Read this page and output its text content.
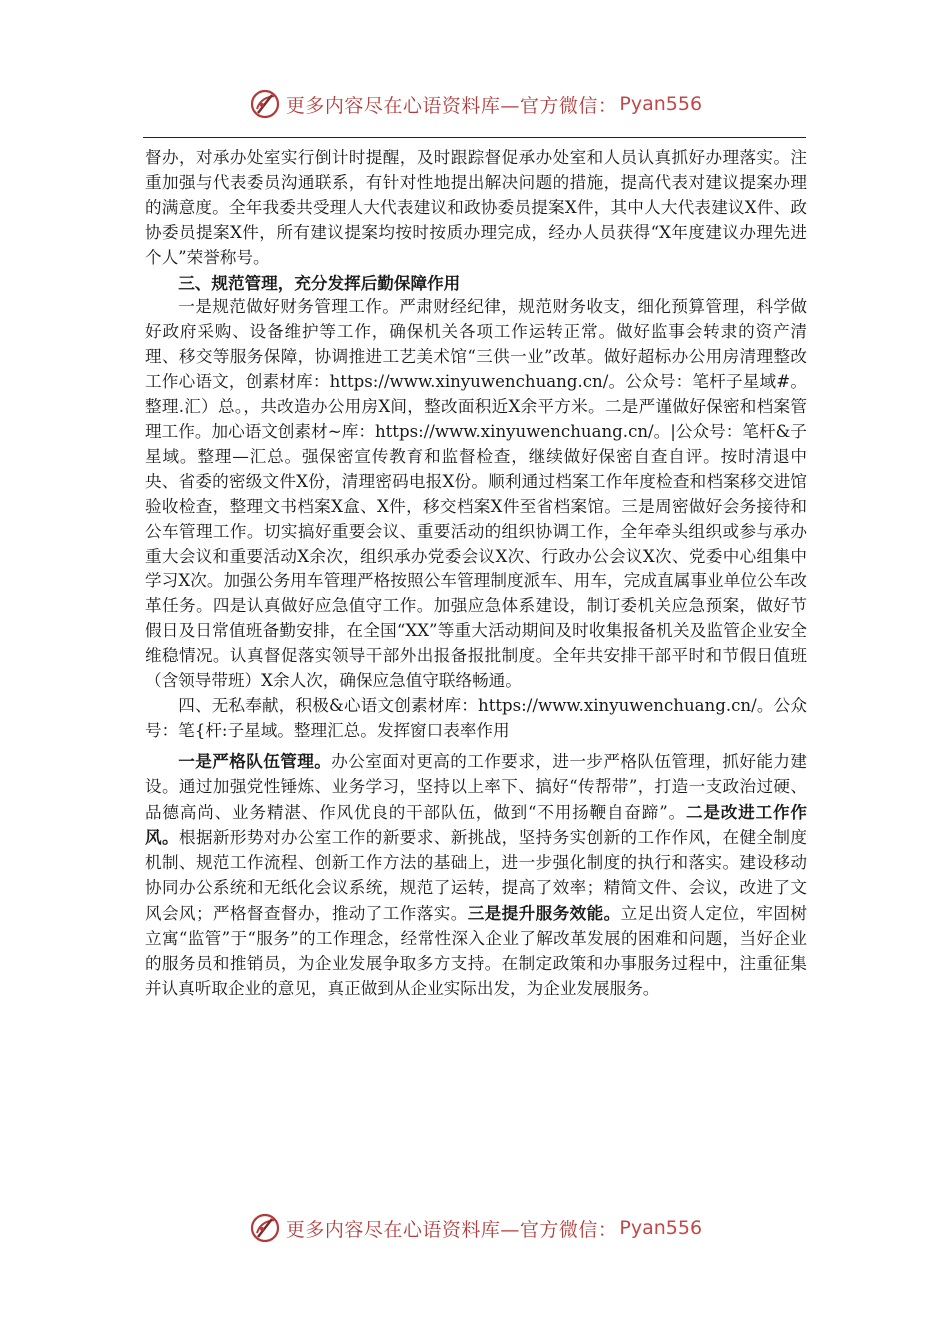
更多内容尽在心语资料库—官方微信： Pyan556

督办，对承办处室实行倒计时提醒，及时跟踪督促承办处室和人员认真抓好办理落实。注重加强与代表委员沟通联系，有针对性地提出解决问题的措施，提高代表对建议提案办理的满意度。全年我委共受理人大代表建议和政协委员提案X件，其中人大代表建议X件、政协委员提案X件，所有建议提案均按时按质办理完成，经办人员获得“X年度建议办理先进个人”荣誉称号。

三、规范管理，充分发挥后勤保障作用

一是规范做好财务管理工作。严肃财经纪律，规范财务收支，细化预算管理，科学做好政府采购、设备维护等工作，确保机关各项工作运转正常。做好监事会转隶的资产清理、移交等服务保障，协调推进工艺美术馆“三供一业”改革。做好超标办公用房清理整改工作心语文，创素材库：https://www.xinyuwenchuang.cn/。公众号：笔杆子星域#。整理.汇）总。，共改造办公用房X间，整改面积近X余平方米。二是严谨做好保密和档案管理工作。加心语文创素材~库：https://www.xinyuwenchuang.cn/。|公众号：笔杆&子星域。整理—汇总。强保密宣传教育和监督检查，继续做好保密自查自评。按时清退中央、省委的密级文件X份，清理密码电报X份。顺利通过档案工作年度检查和档案移交进馆验收检查，整理文书档案X盒、X件，移交档案X件至省档案馆。三是周密做好会务接待和公车管理工作。切实搞好重要会议、重要活动的组织协调工作，全年牵头组织或参与承办重大会议和重要活动X余次，组织承办党委会议X次、行政办公会议X次、党委中心组集中学习X次。加强公务用车管理严格按照公车管理制度派车、用车，完成直属事业单位公车改革任务。四是认真做好应急值守工作。加强应急体系建设，制订委机关应急预案，做好节假日及日常值班备勤安排，在全国“XX”等重大活动期间及时收集报备机关及监管企业安全维稳情况。认真督促落实领导干部外出报备报批制度。全年共安排干部平时和节假日值班（含领导带班）X余人次，确保应急值守联络畅通。

四、无私奉献，积极&心语文创素材库：https://www.xinyuwenchuang.cn/。公众号：笔{杆:子星域。整理汇总。发挥窗口表率作用

一是严格队伍管理。办公室面对更高的工作要求，进一步严格队伍管理，抓好能力建设。通过加强党性锤炼、业务学习，坚持以上率下、搞好“传帮带”，打造一支政治过硬、品德高尚、业务精湛、作风优良的干部队伍，做到“不用扬鞭自奋蹄”。二是改进工作作风。根据新形势对办公室工作的新要求、新挑战，坚持务实创新的工作作风，在健全制度机制、规范工作流程、创新工作方法的基础上，进一步强化制度的执行和落实。建设移动协同办公系统和无纸化会议系统，规范了运转，提高了效率；精简文件、会议，改进了文风会风；严格督查督办，推动了工作落实。三是提升服务效能。立足出资人定位，牢固树立寓“监管”于“服务”的工作理念，经常性深入企业了解改革发展的困难和问题，当好企业的服务员和推销员，为企业发展争取多方支持。在制定政策和办事服务过程中，注重征集并认真听取企业的意见，真正做到从企业实际出发，为企业发展服务。

更多内容尽在心语资料库—官方微信： Pyan556
